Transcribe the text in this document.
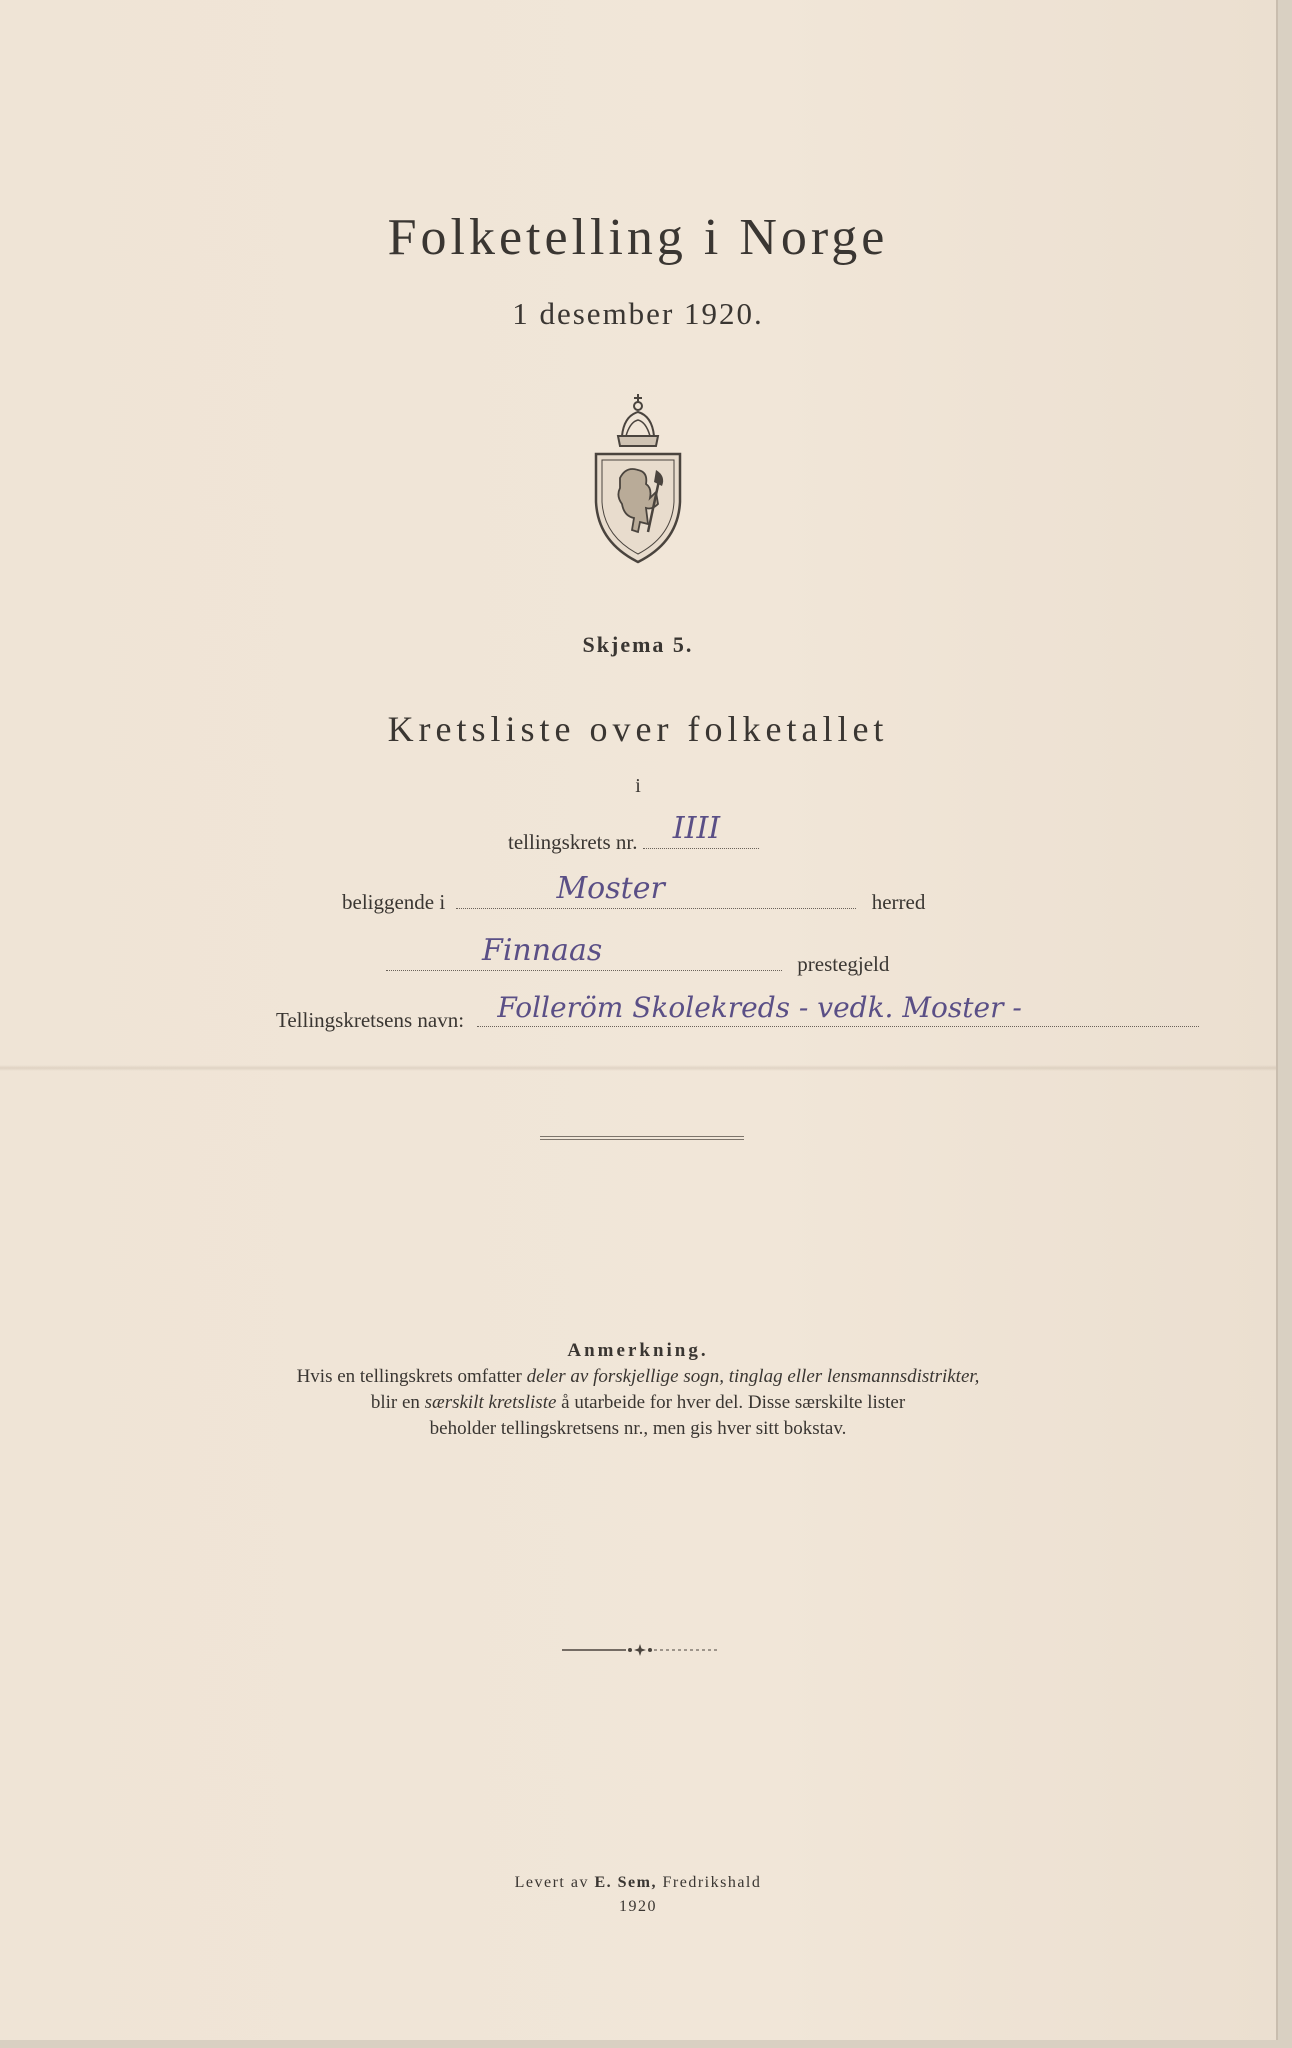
Folketelling i Norge
1 desember 1920.
Skjema 5.
Kretsliste over folketallet
i
tellingskrets nr. IIII
beliggende i	Moster	herred
Finnaas	prestegjeld
Tellingskretsens navn: Folleröm Skolekreds - vedk. Moster -
Anmerkning.
Hvis en tellingskrets omfatter deler av forskjellige sogn, tinglag eller lensmannsdistrikter,
blir en særskilt kretsliste å utarbeide for hver del. Disse særskilte lister
beholder tellingskretsens nr., men gis hver sitt bokstav.
Levert av E. Sem, Fredrikshald
1920
